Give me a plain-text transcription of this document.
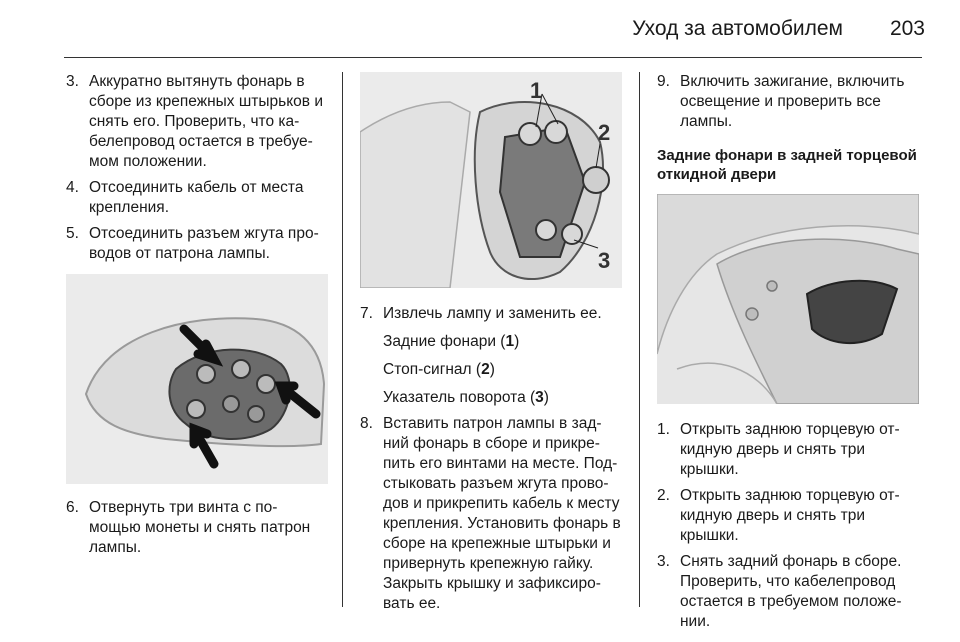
Уход за автомобилем	203
3. Аккуратно вытянуть фонарь в сборе из крепежных штырьков и снять его. Проверить, что ка-белепровод остается в требуе-мом положении.

4. Отсоединить кабель от места крепления.

5. Отсоединить разъем жгута про-водов от патрона лампы.

6. Отвернуть три винта с по-мощью монеты и снять патрон лампы.

1
2
3
7. Извлечь лампу и заменить ее.

Задние фонари (1)

Стоп-сигнал (2)

Указатель поворота (3)

8. Вставить патрон лампы в зад-ний фонарь в сборе и прикре-пить его винтами на месте. Под-стыковать разъем жгута прово-дов и прикрепить кабель к месту крепления. Установить фонарь в сборе на крепежные штырьки и привернуть крепежную гайку. Закрыть крышку и зафиксиро-вать ее.

9. Включить зажигание, включить освещение и проверить все лампы.

Задние фонари в задней торцевой откидной двери
1. Открыть заднюю торцевую от-кидную дверь и снять три крышки.

2. Открыть заднюю торцевую от-кидную дверь и снять три крышки.

3. Снять задний фонарь в сборе. Проверить, что кабелепровод остается в требуемом положе-нии.
